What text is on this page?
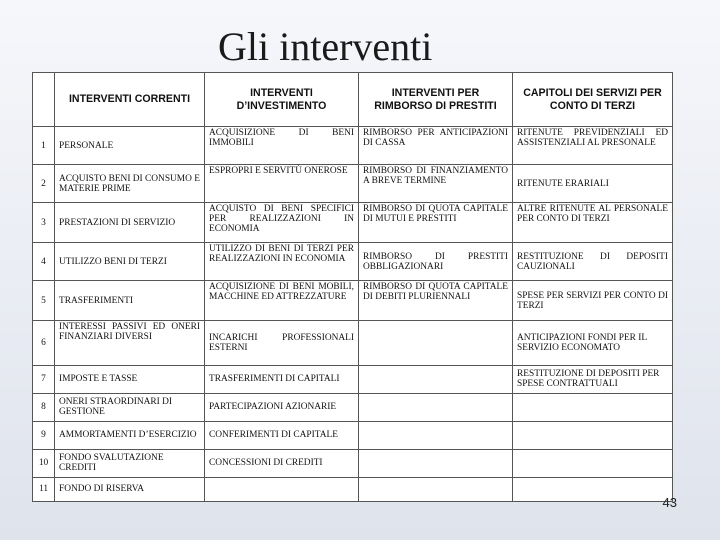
Gli interventi
	INTERVENTI CORRENTI	INTERVENTI D’INVESTIMENTO	INTERVENTI PER RIMBORSO DI PRESTITI	CAPITOLI DEI SERVIZI PER CONTO DI TERZI
1	PERSONALE	ACQUISIZIONE DI BENI IMMOBILI	RIMBORSO PER ANTICIPAZIONI DI CASSA	RITENUTE PREVIDENZIALI ED ASSISTENZIALI AL PRESONALE
2	ACQUISTO BENI DI CONSUMO E MATERIE PRIME	ESPROPRI E SERVITÙ ONEROSE	RIMBORSO DI FINANZIAMENTO A BREVE TERMINE	RITENUTE ERARIALI
3	PRESTAZIONI DI SERVIZIO	ACQUISTO DI BENI SPECIFICI PER REALIZZAZIONI IN ECONOMIA	RIMBORSO DI QUOTA CAPITALE DI MUTUI E PRESTITI	ALTRE RITENUTE AL PERSONALE PER CONTO DI TERZI
4	UTILIZZO BENI DI TERZI	UTILIZZO DI BENI DI TERZI PER REALIZZAZIONI IN ECONOMIA	RIMBORSO DI PRESTITI OBBLIGAZIONARI	RESTITUZIONE DI DEPOSITI CAUZIONALI
5	TRASFERIMENTI	ACQUISIZIONE DI BENI MOBILI, MACCHINE ED ATTREZZATURE	RIMBORSO DI QUOTA CAPITALE DI DEBITI PLURIENNALI	SPESE PER SERVIZI PER CONTO DI TERZI
6	INTERESSI PASSIVI ED ONERI FINANZIARI DIVERSI	INCARICHI PROFESSIONALI ESTERNI		ANTICIPAZIONI FONDI PER IL SERVIZIO ECONOMATO
7	IMPOSTE E TASSE	TRASFERIMENTI DI CAPITALI		RESTITUZIONE DI DEPOSITI PER SPESE CONTRATTUALI
8	ONERI STRAORDINARI DI GESTIONE	PARTECIPAZIONI AZIONARIE		
9	AMMORTAMENTI D’ESERCIZIO	CONFERIMENTI DI CAPITALE		
10	FONDO SVALUTAZIONE CREDITI	CONCESSIONI DI CREDITI		
11	FONDO DI RISERVA			
43
